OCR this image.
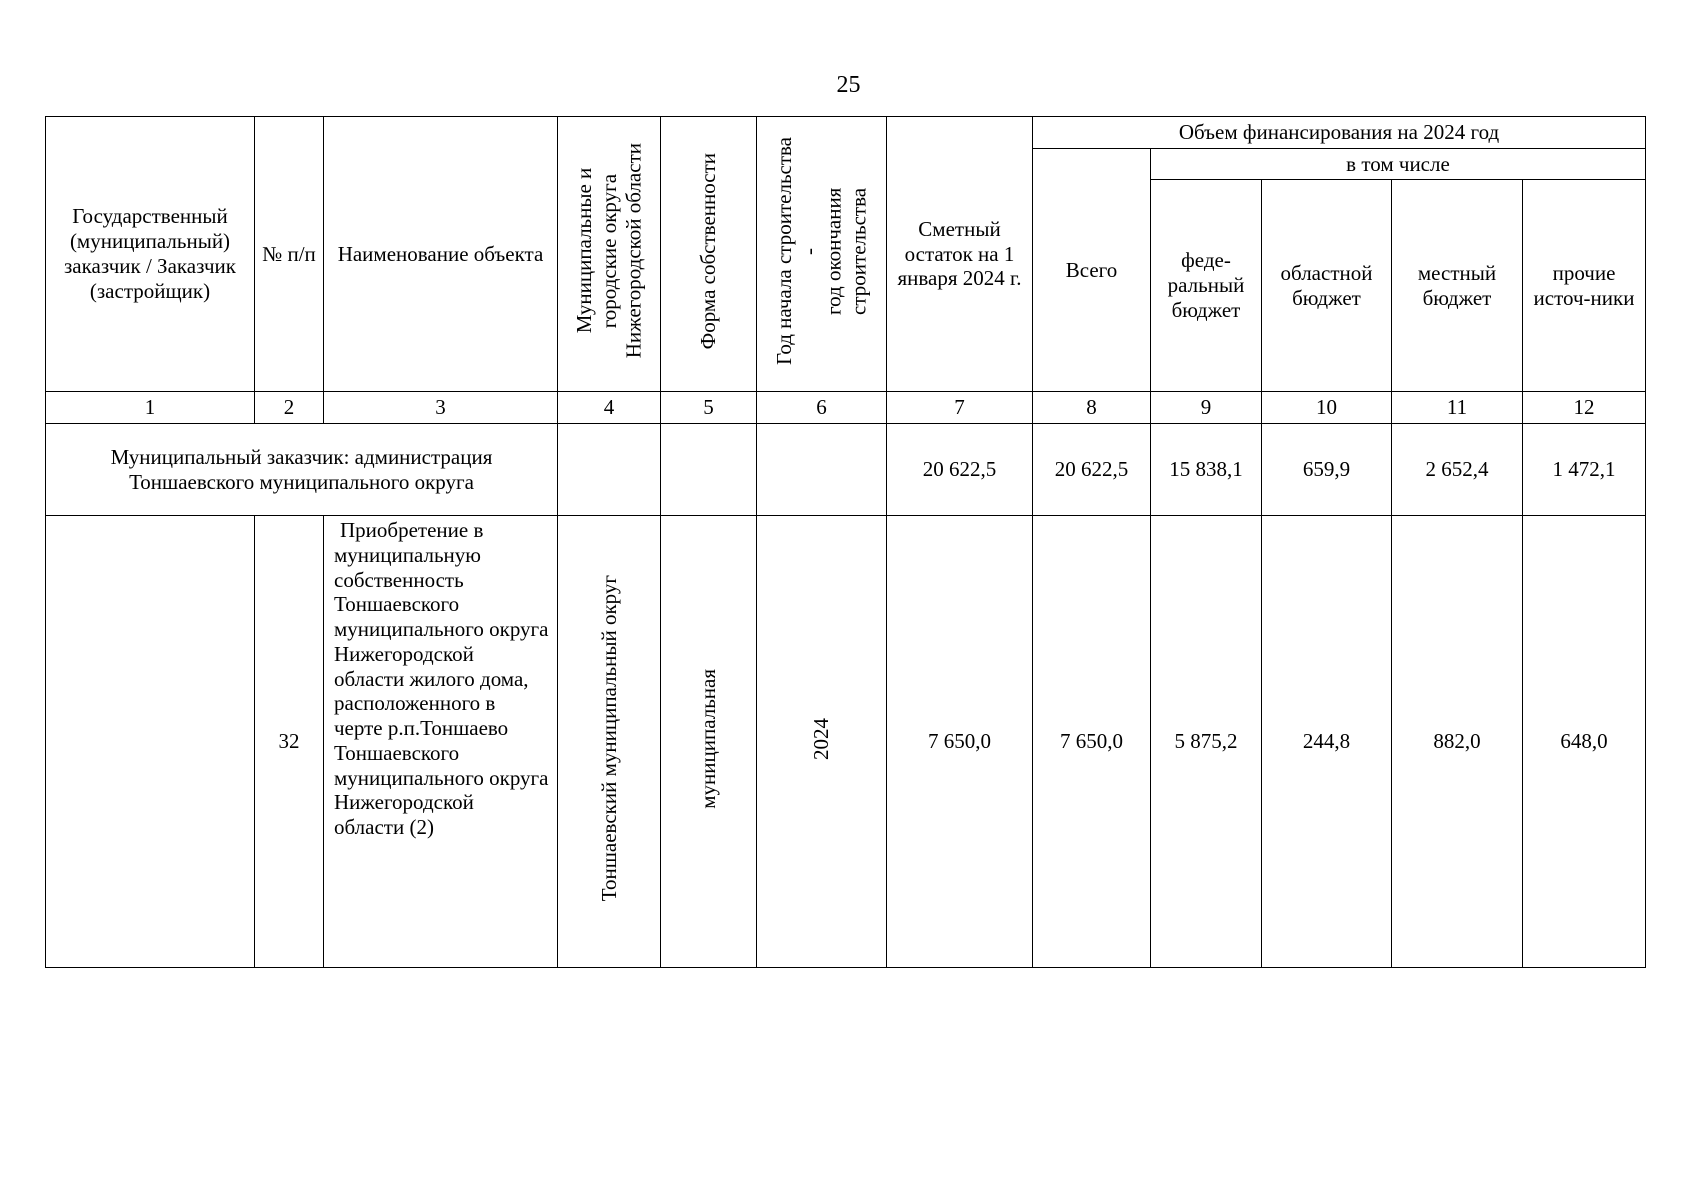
25
Государственный (муниципальный) заказчик / Заказчик (застройщик)	№ п/п	Наименование объекта	Муниципальные и городские округа Нижегородской области	Форма собственности	Год начала строительства - год окончания строительства	Сметный остаток на 1 января 2024 г.	Объем финансирования на 2024 год				
							Всего	в том числе			
								феде-ральный бюджет	областной бюджет	местный бюджет	прочие источ-ники
1	2	3	4	5	6	7	8	9	10	11	12
Муниципальный заказчик: администрация Тоншаевского муниципального округа						20 622,5	20 622,5	15 838,1	659,9	2 652,4	1 472,1
	32	Приобретение в муниципальную собственность Тоншаевского муниципального округа Нижегородской области жилого дома, расположенного в черте р.п.Тоншаево Тоншаевского муниципального округа Нижегородской области (2)	Тоншаевский муниципальный округ	муниципальная	2024	7 650,0	7 650,0	5 875,2	244,8	882,0	648,0
